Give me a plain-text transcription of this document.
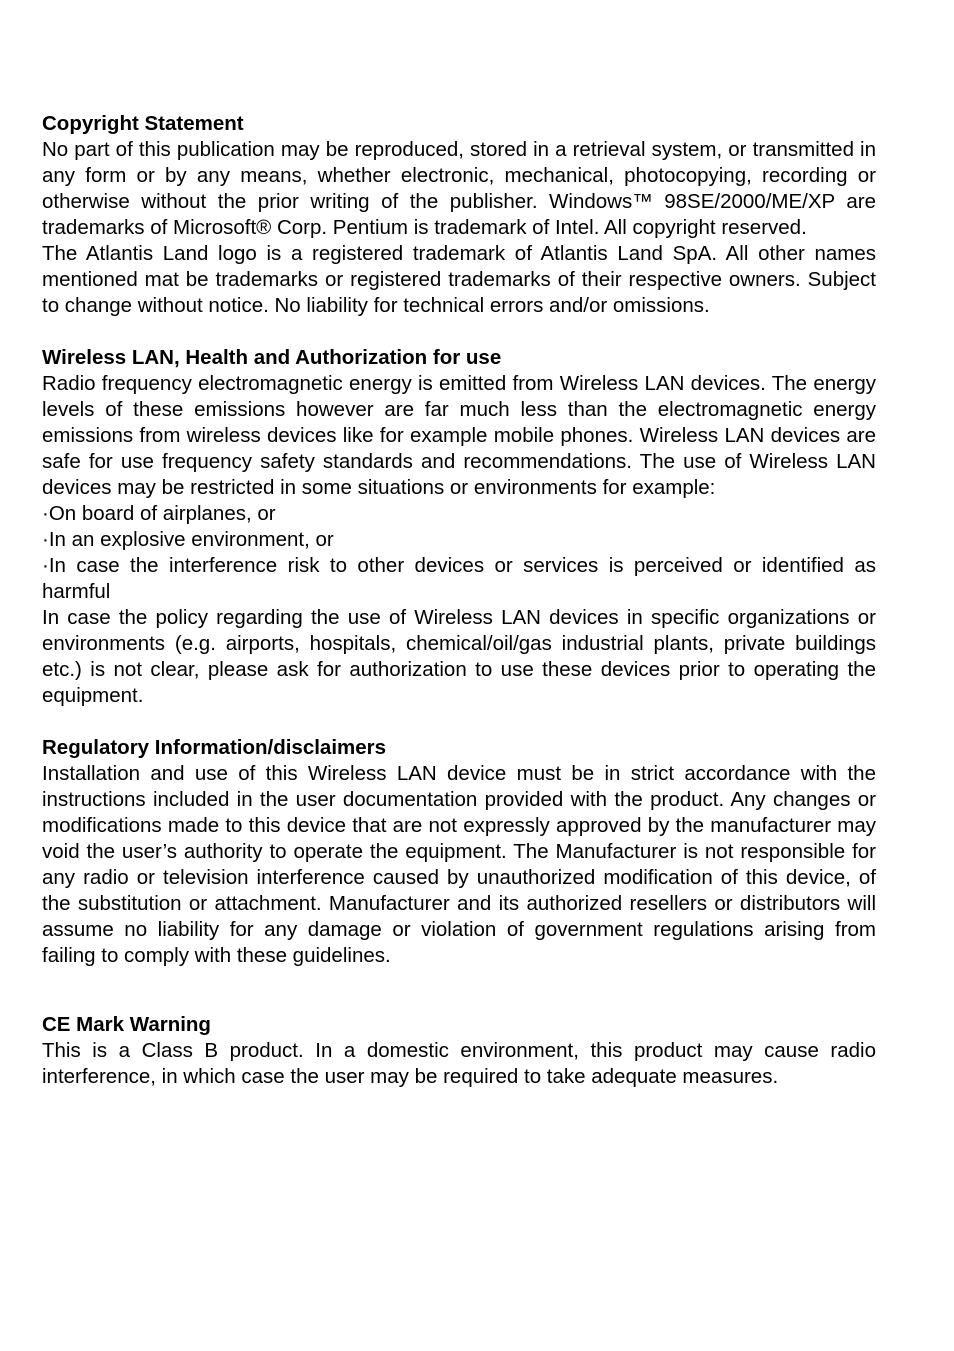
Copyright Statement

No part of this publication may be reproduced, stored in a retrieval system, or transmitted in any form or by any means, whether electronic, mechanical, photocopying, recording or otherwise without the prior writing of the publisher. Windows™ 98SE/2000/ME/XP are trademarks of Microsoft® Corp. Pentium is trademark of Intel. All copyright reserved.

The Atlantis Land logo is a registered trademark of Atlantis Land SpA. All other names mentioned mat be trademarks or registered trademarks of their respective owners. Subject to change without notice. No liability for technical errors and/or omissions.

Wireless LAN, Health and Authorization for use

Radio frequency electromagnetic energy is emitted from Wireless LAN devices. The energy levels of these emissions however are far much less than the electromagnetic energy emissions from wireless devices like for example mobile phones. Wireless LAN devices are safe for use frequency safety standards and recommendations. The use of Wireless LAN devices may be restricted in some situations or environments for example:

·On board of airplanes, or

·In an explosive environment, or

·In case the interference risk to other devices or services is perceived or identified as harmful

In case the policy regarding the use of Wireless LAN devices in specific organizations or environments (e.g. airports, hospitals, chemical/oil/gas industrial plants, private buildings etc.) is not clear, please ask for authorization to use these devices prior to operating the equipment.

Regulatory Information/disclaimers

Installation and use of this Wireless LAN device must be in strict accordance with the instructions included in the user documentation provided with the product. Any changes or modifications made to this device that are not expressly approved by the manufacturer may void the user’s authority to operate the equipment. The Manufacturer is not responsible for any radio or television interference caused by unauthorized modification of this device, of the substitution or attachment. Manufacturer and its authorized resellers or distributors will assume no liability for any damage or violation of government regulations arising from failing to comply with these guidelines.

CE Mark Warning

This is a Class B product. In a domestic environment, this product may cause radio interference, in which case the user may be required to take adequate measures.
